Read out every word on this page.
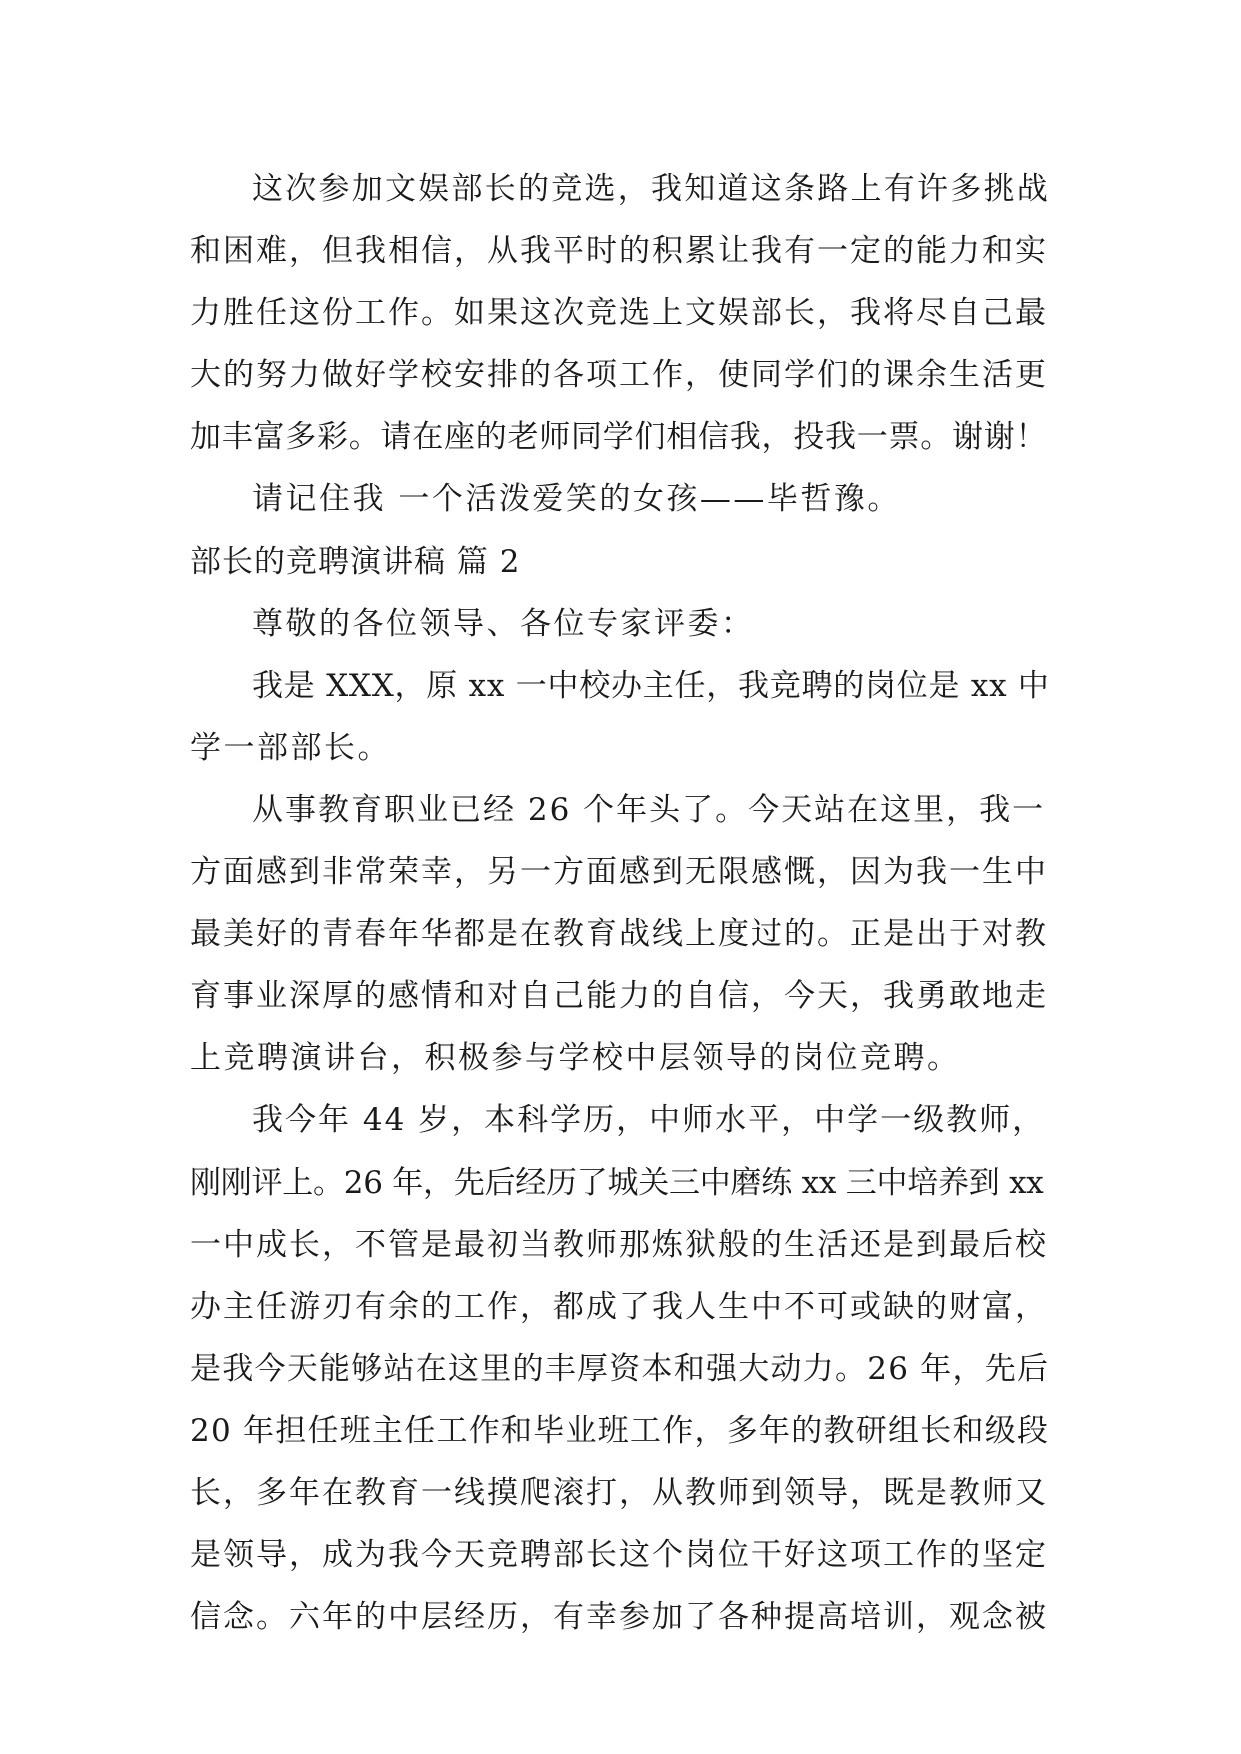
这次参加文娱部长的竞选，我知道这条路上有许多挑战
和困难，但我相信，从我平时的积累让我有一定的能力和实
力胜任这份工作。如果这次竞选上文娱部长，我将尽自己最
大的努力做好学校安排的各项工作，使同学们的课余生活更
加丰富多彩。请在座的老师同学们相信我，投我一票。谢谢！
请记住我 一个活泼爱笑的女孩——毕哲豫。
部长的竞聘演讲稿 篇 2
尊敬的各位领导、各位专家评委：
我是 XXX，原 xx 一中校办主任，我竞聘的岗位是 xx 中
学一部部长。
从事教育职业已经 26 个年头了。今天站在这里，我一
方面感到非常荣幸，另一方面感到无限感慨，因为我一生中
最美好的青春年华都是在教育战线上度过的。正是出于对教
育事业深厚的感情和对自己能力的自信，今天，我勇敢地走
上竞聘演讲台，积极参与学校中层领导的岗位竞聘。
我今年 44 岁，本科学历，中师水平，中学一级教师，
刚刚评上。26 年，先后经历了城关三中磨练 xx 三中培养到 xx
一中成长，不管是最初当教师那炼狱般的生活还是到最后校
办主任游刃有余的工作，都成了我人生中不可或缺的财富，
是我今天能够站在这里的丰厚资本和强大动力。26 年，先后
20 年担任班主任工作和毕业班工作，多年的教研组长和级段
长，多年在教育一线摸爬滚打，从教师到领导，既是教师又
是领导，成为我今天竞聘部长这个岗位干好这项工作的坚定
信念。六年的中层经历，有幸参加了各种提高培训，观念被
